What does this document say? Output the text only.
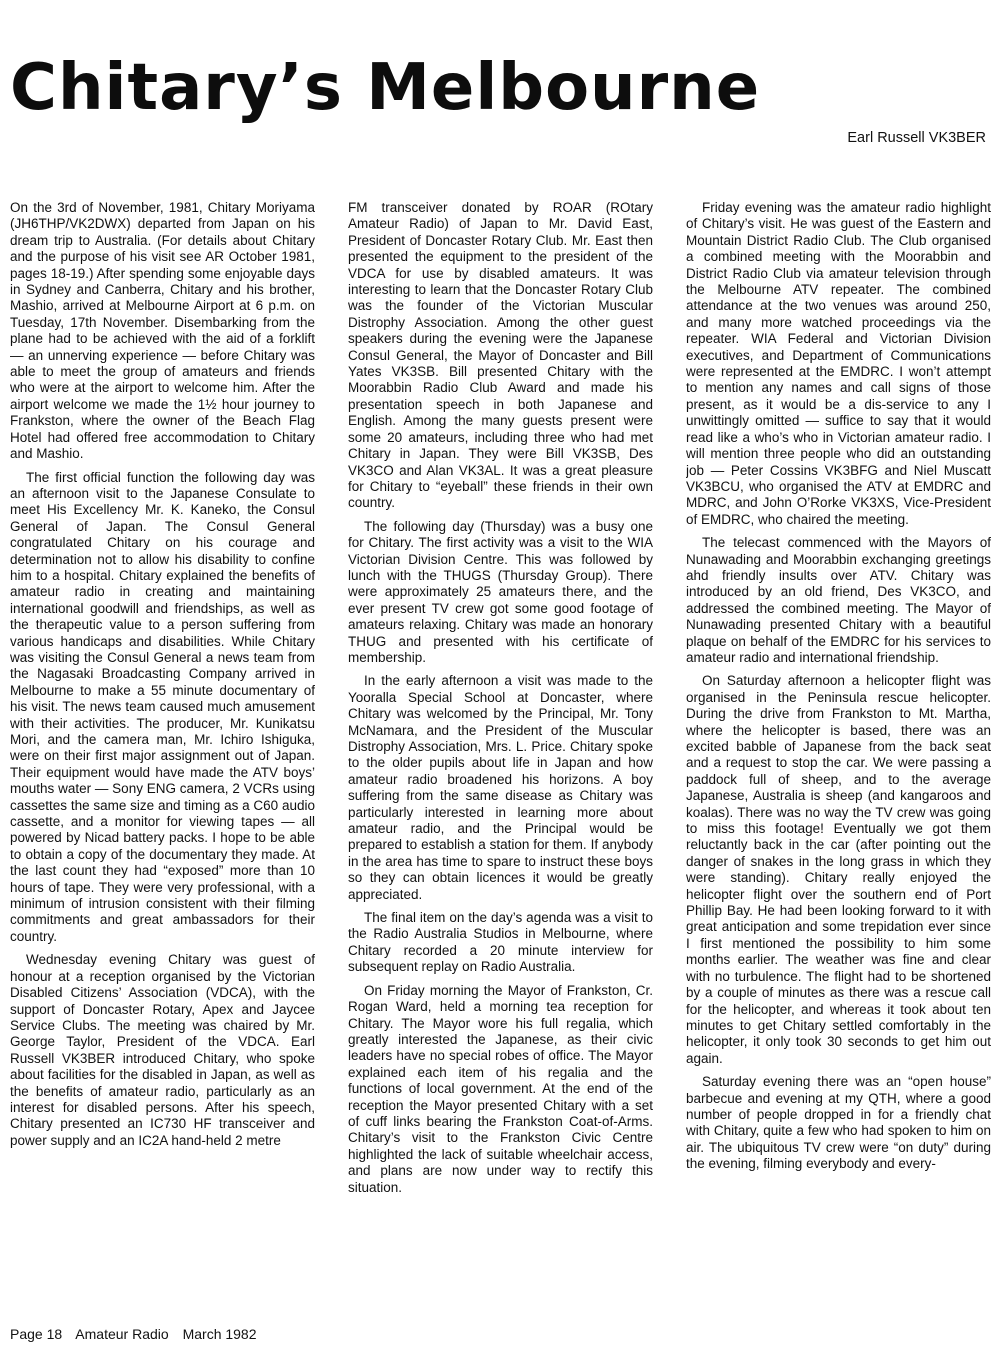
Chitary’s Melbourne
Earl Russell VK3BER

On the 3rd of November, 1981, Chitary Moriyama (JH6THP/VK2DWX) departed from Japan on his dream trip to Australia. (For details about Chitary and the purpose of his visit see AR October 1981, pages 18-19.) After spending some enjoyable days in Sydney and Canberra, Chitary and his brother, Mashio, arrived at Melbourne Airport at 6 p.m. on Tuesday, 17th November. Disembarking from the plane had to be achieved with the aid of a forklift — an unnerving experience — before Chitary was able to meet the group of amateurs and friends who were at the airport to welcome him. After the airport welcome we made the 1½ hour journey to Frankston, where the owner of the Beach Flag Hotel had offered free accommodation to Chitary and Mashio.

The first official function the following day was an afternoon visit to the Japanese Consulate to meet His Excellency Mr. K. Kaneko, the Consul General of Japan. The Consul General congratulated Chitary on his courage and determination not to allow his disability to confine him to a hospital. Chitary explained the benefits of amateur radio in creating and maintaining international goodwill and friendships, as well as the therapeutic value to a person suffering from various handicaps and disabilities. While Chitary was visiting the Consul General a news team from the Nagasaki Broadcasting Company arrived in Melbourne to make a 55 minute documentary of his visit. The news team caused much amusement with their activities. The producer, Mr. Kunikatsu Mori, and the camera man, Mr. Ichiro Ishiguka, were on their first major assignment out of Japan. Their equipment would have made the ATV boys’ mouths water — Sony ENG camera, 2 VCRs using cassettes the same size and timing as a C60 audio cassette, and a monitor for viewing tapes — all powered by Nicad battery packs. I hope to be able to obtain a copy of the documentary they made. At the last count they had “exposed” more than 10 hours of tape. They were very professional, with a minimum of intrusion consistent with their filming commitments and great ambassadors for their country.

Wednesday evening Chitary was guest of honour at a reception organised by the Victorian Disabled Citizens’ Association (VDCA), with the support of Doncaster Rotary, Apex and Jaycee Service Clubs. The meeting was chaired by Mr. George Taylor, President of the VDCA. Earl Russell VK3BER introduced Chitary, who spoke about facilities for the disabled in Japan, as well as the benefits of amateur radio, particularly as an interest for disabled persons. After his speech, Chitary presented an IC730 HF transceiver and power supply and an IC2A hand-held 2 metre

FM transceiver donated by ROAR (ROtary Amateur Radio) of Japan to Mr. David East, President of Doncaster Rotary Club. Mr. East then presented the equipment to the president of the VDCA for use by disabled amateurs. It was interesting to learn that the Doncaster Rotary Club was the founder of the Victorian Muscular Distrophy Association. Among the other guest speakers during the evening were the Japanese Consul General, the Mayor of Doncaster and Bill Yates VK3SB. Bill presented Chitary with the Moorabbin Radio Club Award and made his presentation speech in both Japanese and English. Among the many guests present were some 20 amateurs, including three who had met Chitary in Japan. They were Bill VK3SB, Des VK3CO and Alan VK3AL. It was a great pleasure for Chitary to “eyeball” these friends in their own country.

The following day (Thursday) was a busy one for Chitary. The first activity was a visit to the WIA Victorian Division Centre. This was followed by lunch with the THUGS (Thursday Group). There were approximately 25 amateurs there, and the ever present TV crew got some good footage of amateurs relaxing. Chitary was made an honorary THUG and presented with his certificate of membership.

In the early afternoon a visit was made to the Yooralla Special School at Doncaster, where Chitary was welcomed by the Principal, Mr. Tony McNamara, and the President of the Muscular Distrophy Association, Mrs. L. Price. Chitary spoke to the older pupils about life in Japan and how amateur radio broadened his horizons. A boy suffering from the same disease as Chitary was particularly interested in learning more about amateur radio, and the Principal would be prepared to establish a station for them. If anybody in the area has time to spare to instruct these boys so they can obtain licences it would be greatly appreciated.

The final item on the day’s agenda was a visit to the Radio Australia Studios in Melbourne, where Chitary recorded a 20 minute interview for subsequent replay on Radio Australia.

On Friday morning the Mayor of Frankston, Cr. Rogan Ward, held a morning tea reception for Chitary. The Mayor wore his full regalia, which greatly interested the Japanese, as their civic leaders have no special robes of office. The Mayor explained each item of his regalia and the functions of local government. At the end of the reception the Mayor presented Chitary with a set of cuff links bearing the Frankston Coat-of-Arms. Chitary’s visit to the Frankston Civic Centre highlighted the lack of suitable wheelchair access, and plans are now under way to rectify this situation.

Friday evening was the amateur radio highlight of Chitary’s visit. He was guest of the Eastern and Mountain District Radio Club. The Club organised a combined meeting with the Moorabbin and District Radio Club via amateur television through the Melbourne ATV repeater. The combined attendance at the two venues was around 250, and many more watched proceedings via the repeater. WIA Federal and Victorian Division executives, and Department of Communications were represented at the EMDRC. I won’t attempt to mention any names and call signs of those present, as it would be a dis-service to any I unwittingly omitted — suffice to say that it would read like a who’s who in Victorian amateur radio. I will mention three people who did an outstanding job — Peter Cossins VK3BFG and Niel Muscatt VK3BCU, who organised the ATV at EMDRC and MDRC, and John O’Rorke VK3XS, Vice-President of EMDRC, who chaired the meeting.

The telecast commenced with the Mayors of Nunawading and Moorabbin exchanging greetings ahd friendly insults over ATV. Chitary was introduced by an old friend, Des VK3CO, and addressed the combined meeting. The Mayor of Nunawading presented Chitary with a beautiful plaque on behalf of the EMDRC for his services to amateur radio and international friendship.

On Saturday afternoon a helicopter flight was organised in the Peninsula rescue helicopter. During the drive from Frankston to Mt. Martha, where the helicopter is based, there was an excited babble of Japanese from the back seat and a request to stop the car. We were passing a paddock full of sheep, and to the average Japanese, Australia is sheep (and kangaroos and koalas). There was no way the TV crew was going to miss this footage! Eventually we got them reluctantly back in the car (after pointing out the danger of snakes in the long grass in which they were standing). Chitary really enjoyed the helicopter flight over the southern end of Port Phillip Bay. He had been looking forward to it with great anticipation and some trepidation ever since I first mentioned the possibility to him some months earlier. The weather was fine and clear with no turbulence. The flight had to be shortened by a couple of minutes as there was a rescue call for the helicopter, and whereas it took about ten minutes to get Chitary settled comfortably in the helicopter, it only took 30 seconds to get him out again.

Saturday evening there was an “open house” barbecue and evening at my QTH, where a good number of people dropped in for a friendly chat with Chitary, quite a few who had spoken to him on air. The ubiquitous TV crew were “on duty” during the evening, filming everybody and every-

Page 18 Amateur Radio March 1982
